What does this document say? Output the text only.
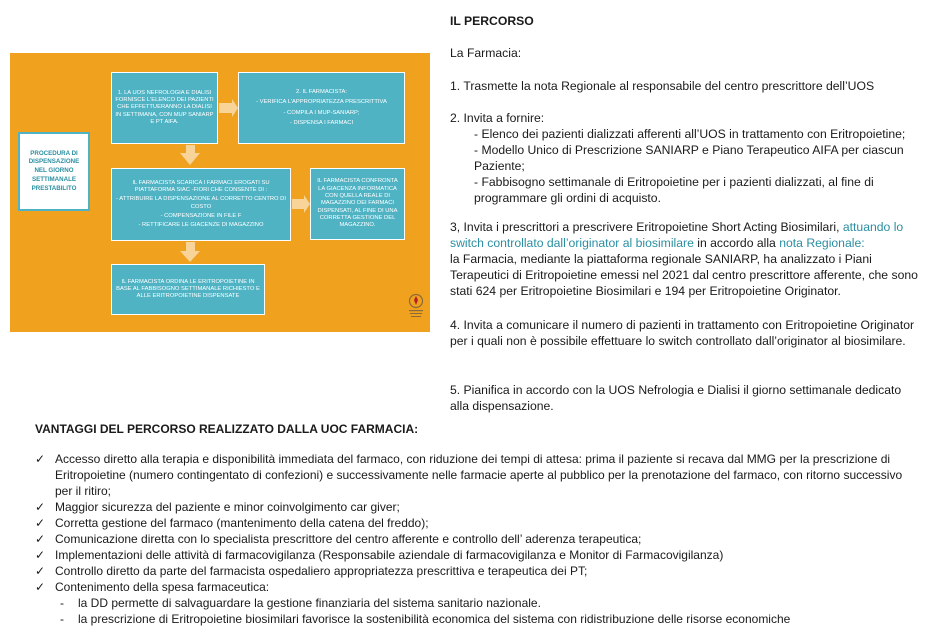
PROCEDURA DI DISPENSAZIONE NEL GIORNO SETTIMANALE PRESTABILITO
1. LA UOS NEFROLOGIA E DIALISI FORNISCE L'ELENCO DEI PAZIENTI CHE EFFETTUERANNO LA DIALISI IN SETTIMANA, CON MUP SANIARP E PT AIFA.
2. IL FARMACISTA:
- VERIFICA L'APPROPRIATEZZA PRESCRITTIVA
- COMPILA I MUP-SANIARP;
- DISPENSA I FARMACI
IL FARMACISTA SCARICA I FARMACI EROGATI SU PIATTAFORMA SIAC -FIORI CHE CONSENTE DI :
- ATTRIBUIRE LA DISPENSAZIONE AL CORRETTO CENTRO DI COSTO
- COMPENSAZIONE IN FILE F
- RETTIFICARE LE GIACENZE DI MAGAZZINO
IL FARMACISTA CONFRONTA LA GIACENZA INFORMATICA CON QUELLA REALE DI MAGAZZINO DEI FARMACI DISPENSATI, AL FINE DI UNA CORRETTA GESTIONE DEL MAGAZZINO.
IL FARMACISTA ORDINA LE ERITROPOIETINE IN BASE AL FABBISOGNO SETTIMANALE RICHIESTO E ALLE ERITROPOIETINE DISPENSATE
IL PERCORSO
La Farmacia:
1. Trasmette la nota Regionale al responsabile del centro prescrittore dell’UOS
2. Invita a fornire:
- Elenco dei pazienti dializzati afferenti all’UOS in trattamento con Eritropoietine;
- Modello Unico di Prescrizione SANIARP e Piano Terapeutico AIFA per ciascun Paziente;
- Fabbisogno settimanale di Eritropoietine per i pazienti dializzati, al fine di programmare gli ordini di acquisto.
3, Invita i prescrittori a prescrivere Eritropoietine Short Acting Biosimilari, attuando lo switch controllato dall’originator al biosimilare in accordo alla nota Regionale:
la Farmacia, mediante la piattaforma regionale SANIARP, ha analizzato i Piani Terapeutici di Eritropoietine emessi nel 2021 dal centro prescrittore afferente, che sono stati 624 per Eritropoietine Biosimilari e 194 per Eritropoietine Originator.
4. Invita a comunicare il numero di pazienti in trattamento con Eritropoietine Originator per i quali non è possibile effettuare lo switch controllato dall’originator al biosimilare.
5. Pianifica in accordo con la UOS Nefrologia e Dialisi il giorno settimanale dedicato alla dispensazione.
VANTAGGI DEL PERCORSO REALIZZATO DALLA UOC FARMACIA:
✓ Accesso diretto alla terapia e disponibilità immediata del farmaco, con riduzione dei tempi di attesa: prima il paziente si recava dal MMG per la prescrizione di Eritropoietine (numero contingentato di confezioni) e successivamente nelle farmacie aperte al pubblico per la prenotazione del farmaco, con ritorno successivo per il ritiro;
✓ Maggior sicurezza del paziente e minor coinvolgimento car giver;
✓ Corretta gestione del farmaco (mantenimento della catena del freddo);
✓ Comunicazione diretta con lo specialista prescrittore del centro afferente e controllo dell’ aderenza terapeutica;
✓ Implementazioni delle attività di farmacovigilanza (Responsabile aziendale di farmacovigilanza e Monitor di Farmacovigilanza)
✓ Controllo diretto da parte del farmacista ospedaliero appropriatezza prescrittiva e terapeutica dei PT;
✓ Contenimento della spesa farmaceutica:
- la DD permette di salvaguardare la gestione finanziaria del sistema sanitario nazionale.
- la prescrizione di Eritropoietine biosimilari favorisce la sostenibilità economica del sistema con ridistribuzione delle risorse economiche
